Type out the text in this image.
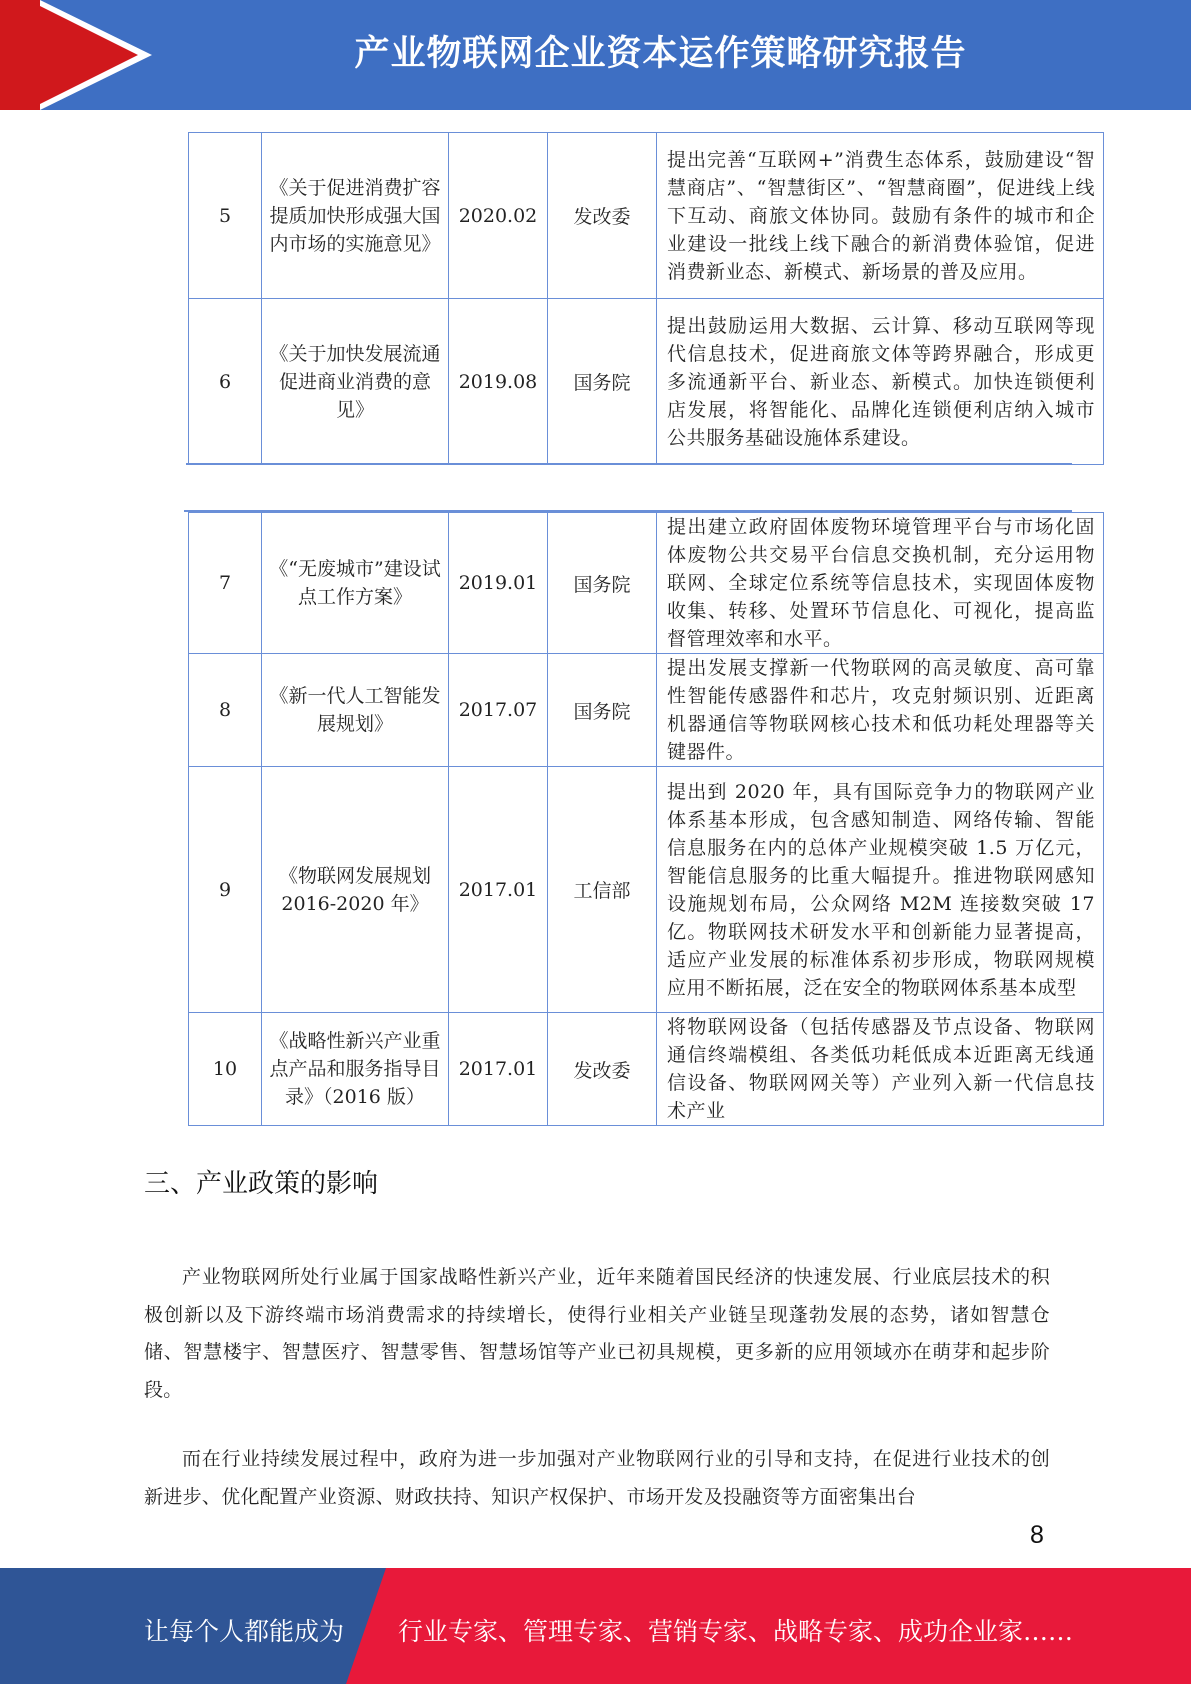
产业物联网企业资本运作策略研究报告
5	《关于促进消费扩容提质加快形成强大国内市场的实施意见》	2020.02	发改委	提出完善“互联网+”消费生态体系，鼓励建设“智慧商店”、“智慧街区”、“智慧商圈”，促进线上线下互动、商旅文体协同。鼓励有条件的城市和企业建设一批线上线下融合的新消费体验馆，促进消费新业态、新模式、新场景的普及应用。
6	《关于加快发展流通促进商业消费的意见》	2019.08	国务院	提出鼓励运用大数据、云计算、移动互联网等现代信息技术，促进商旅文体等跨界融合，形成更多流通新平台、新业态、新模式。加快连锁便利店发展，将智能化、品牌化连锁便利店纳入城市公共服务基础设施体系建设。
7	《“无废城市”建设试点工作方案》	2019.01	国务院	提出建立政府固体废物环境管理平台与市场化固体废物公共交易平台信息交换机制，充分运用物联网、全球定位系统等信息技术，实现固体废物收集、转移、处置环节信息化、可视化，提高监督管理效率和水平。
8	《新一代人工智能发展规划》	2017.07	国务院	提出发展支撑新一代物联网的高灵敏度、高可靠性智能传感器件和芯片，攻克射频识别、近距离机器通信等物联网核心技术和低功耗处理器等关键器件。
9	《物联网发展规划 2016-2020 年》	2017.01	工信部	提出到 2020 年，具有国际竞争力的物联网产业体系基本形成，包含感知制造、网络传输、智能信息服务在内的总体产业规模突破 1.5 万亿元，智能信息服务的比重大幅提升。推进物联网感知设施规划布局，公众网络 M2M 连接数突破 17 亿。物联网技术研发水平和创新能力显著提高，适应产业发展的标准体系初步形成，物联网规模应用不断拓展，泛在安全的物联网体系基本成型
10	《战略性新兴产业重点产品和服务指导目录》（2016 版）	2017.01	发改委	将物联网设备（包括传感器及节点设备、物联网通信终端模组、各类低功耗低成本近距离无线通信设备、物联网网关等）产业列入新一代信息技术产业
三、产业政策的影响

产业物联网所处行业属于国家战略性新兴产业，近年来随着国民经济的快速发展、行业底层技术的积极创新以及下游终端市场消费需求的持续增长，使得行业相关产业链呈现蓬勃发展的态势，诸如智慧仓储、智慧楼宇、智慧医疗、智慧零售、智慧场馆等产业已初具规模，更多新的应用领域亦在萌芽和起步阶段。

而在行业持续发展过程中，政府为进一步加强对产业物联网行业的引导和支持，在促进行业技术的创新进步、优化配置产业资源、财政扶持、知识产权保护、市场开发及投融资等方面密集出台

8
让每个人都能成为 行业专家、管理专家、营销专家、战略专家、成功企业家……
